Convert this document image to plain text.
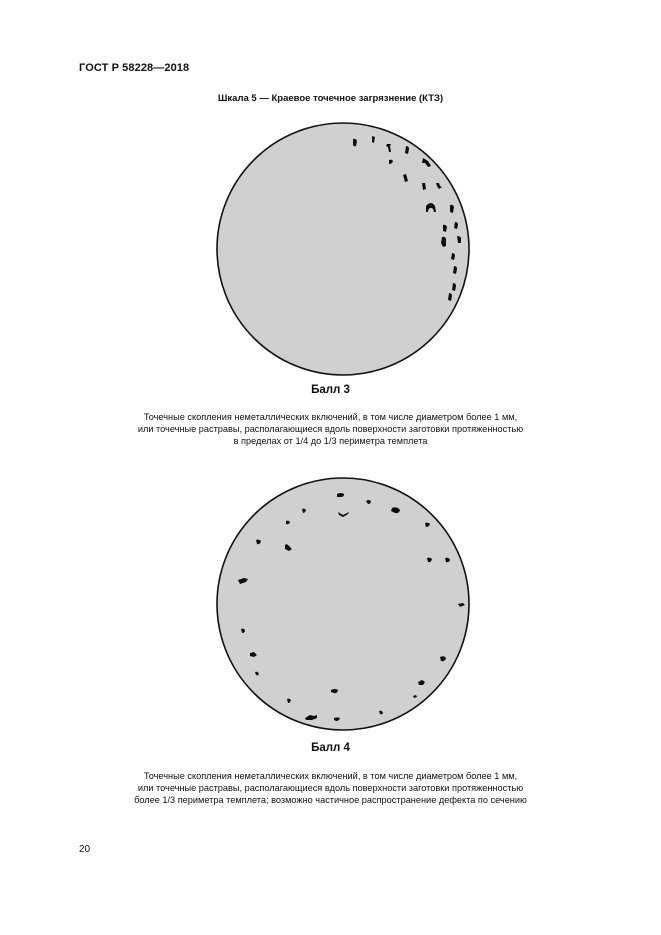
ГОСТ Р 58228—2018
Шкала 5 — Краевое точечное загрязнение (КТЗ)
Балл 3
Точечные скопления неметаллических включений, в том числе диаметром более 1 мм,
или точечные растравы, располагающиеся вдоль поверхности заготовки протяженностью
в пределах от 1/4 до 1/3 периметра темплета
Балл 4
Точечные скопления неметаллических включений, в том числе диаметром более 1 мм,
или точечные растравы, располагающиеся вдоль поверхности заготовки протяженностью
более 1/3 периметра темплета; возможно частичное распространение дефекта по сечению
20
